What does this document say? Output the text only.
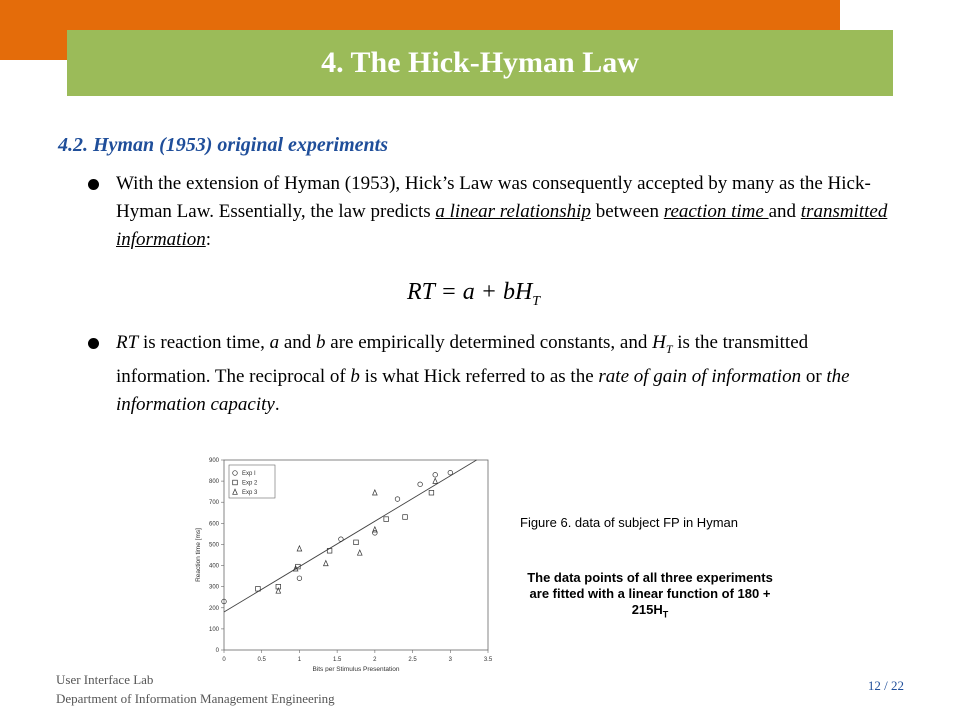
4. The Hick-Hyman Law
4.2. Hyman (1953) original experiments
With the extension of Hyman (1953), Hick’s Law was consequently accepted by many as the Hick-Hyman Law. Essentially, the law predicts a linear relationship between reaction time and transmitted information:
RT = $a + bH_T$
RT is reaction time, a and b are empirically determined constants, and $H_T$ is the transmitted information. The reciprocal of b is what Hick referred to as the rate of gain of information or the information capacity.
0	0.5	1	1.5	2	2.5	3	3.5
0
100
200
300
400
500
600
700
800
900
Bits per Stimulus Presentation
Reaction time [ms]
Exp I
Exp 2
Exp 3
Figure 6. data of subject FP in Hyman
The data points of all three experiments are fitted with a linear function of $180 + 215H_T$
User Interface Lab
Department of Information Management Engineering
12 / 22
